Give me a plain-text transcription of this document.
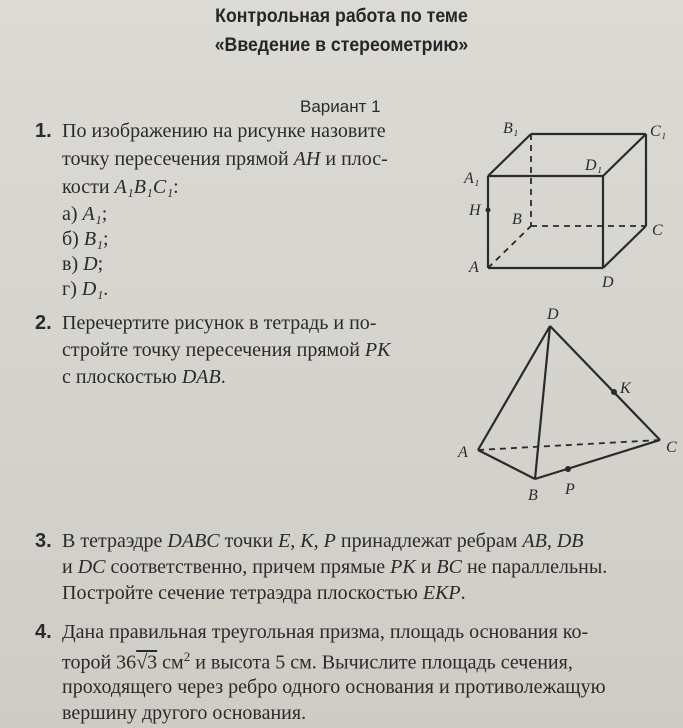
Контрольная работа по теме
«Введение в стереометрию»
Вариант 1
1. По изображению на рисунке назовите
точку пересечения прямой AH и плос-
кости A₁B₁C₁:
а) A₁;
б) B₁;
в) D;
г) D₁.
B₁	C₁
A₁
D₁
H
B
C
A
D
2. Перечертите рисунок в тетрадь и по-
стройте точку пересечения прямой PK
с плоскостью DAB.
D
K
A	C
B P
3. В тетраэдре DABC точки E, K, P принадлежат ребрам AB, DB
и DC соответственно, причем прямые PK и BC не параллельны.
Постройте сечение тетраэдра плоскостью EKP.
4. Дана правильная треугольная призма, площадь основания ко-
торой 36√3 $см^2$ и высота 5 см. Вычислите площадь сечения,
проходящего через ребро одного основания и противолежащую
вершину другого основания.
